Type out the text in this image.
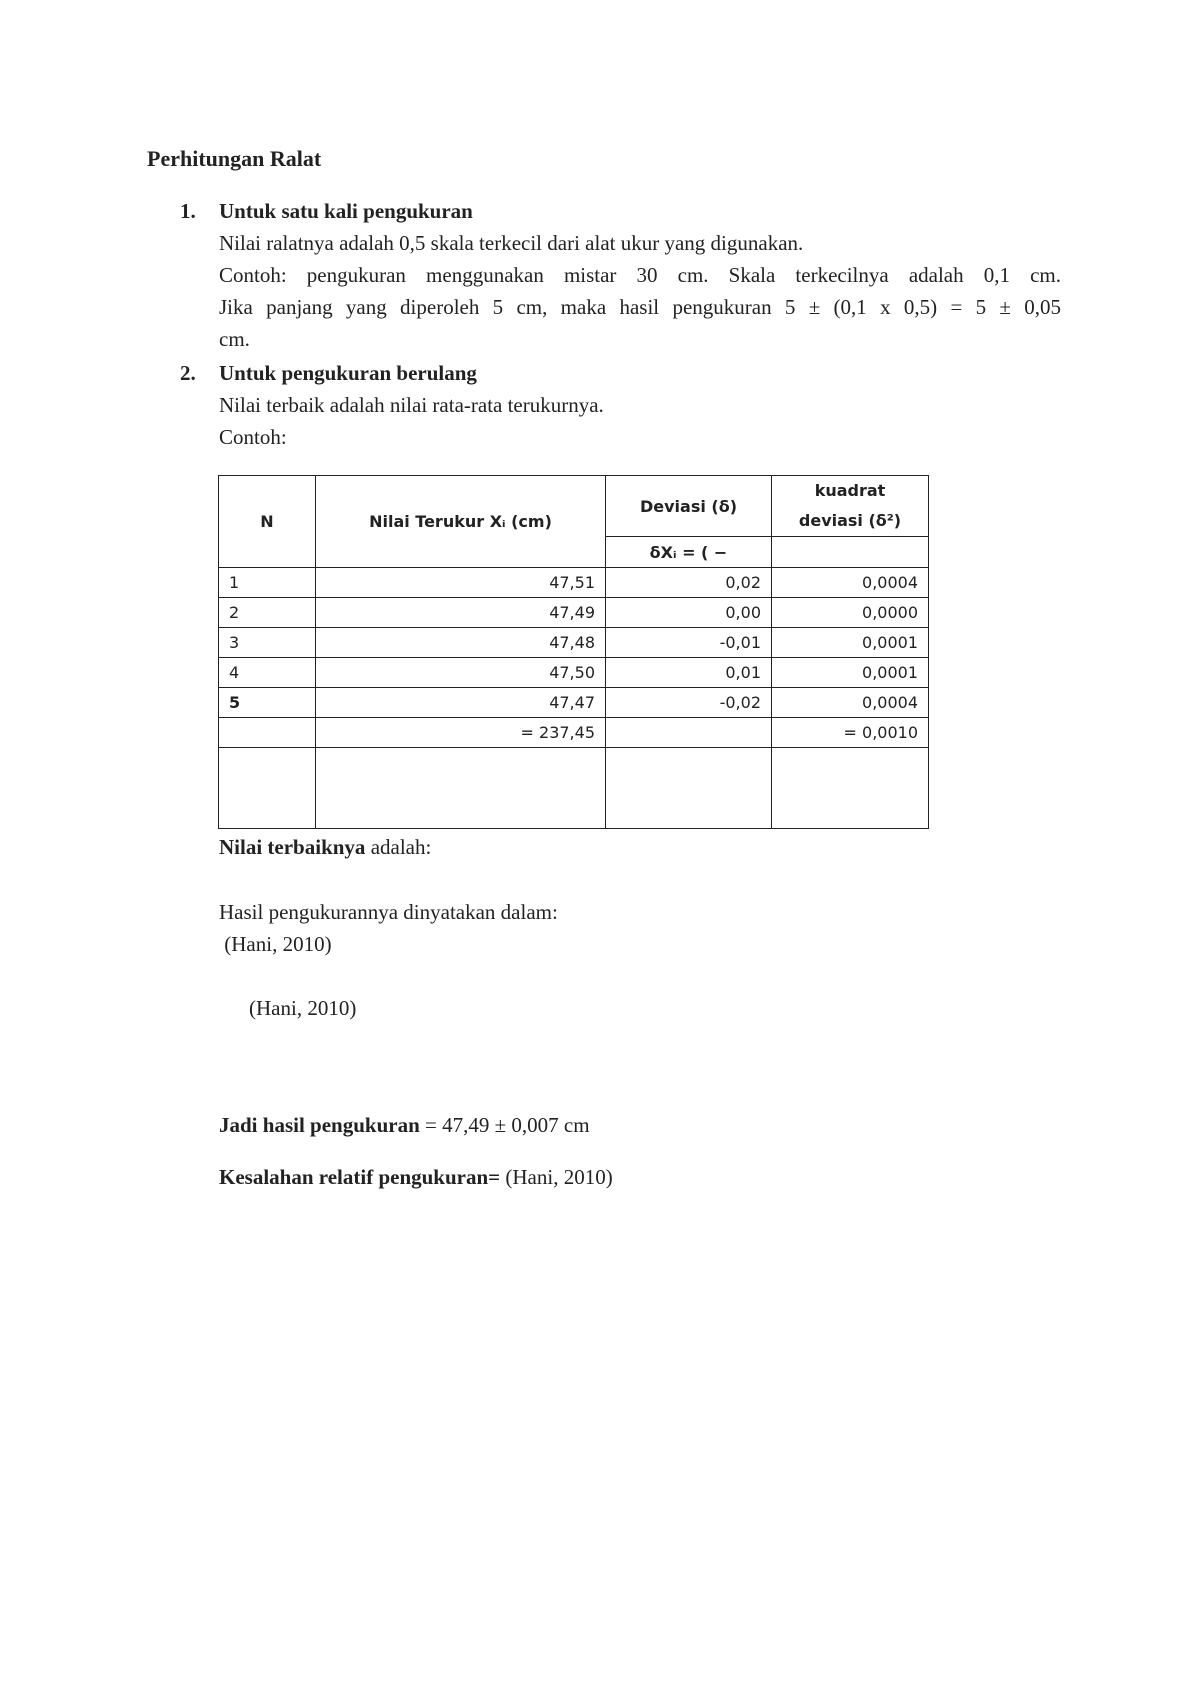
Perhitungan Ralat
1. Untuk satu kali pengukuran
Nilai ralatnya adalah 0,5 skala terkecil dari alat ukur yang digunakan.
Contoh: pengukuran menggunakan mistar 30 cm. Skala terkecilnya adalah 0,1 cm.
Jika panjang yang diperoleh 5 cm, maka hasil pengukuran 5 ± (0,1 x 0,5) = 5 ± 0,05
cm.
2. Untuk pengukuran berulang
Nilai terbaik adalah nilai rata-rata terukurnya.
Contoh:
N	Nilai Terukur Xᵢ (cm)	Deviasi (δ)	kuadrat
deviasi (δ²)
		δXᵢ = ( −	
1	47,51	0,02	0,0004
2	47,49	0,00	0,0000
3	47,48	-0,01	0,0001
4	47,50	0,01	0,0001
5	47,47	-0,02	0,0004
	= 237,45		= 0,0010

Nilai terbaiknya adalah:
Hasil pengukurannya dinyatakan dalam:
(Hani, 2010)
(Hani, 2010)
Jadi hasil pengukuran = 47,49 ± 0,007 cm
Kesalahan relatif pengukuran= (Hani, 2010)
